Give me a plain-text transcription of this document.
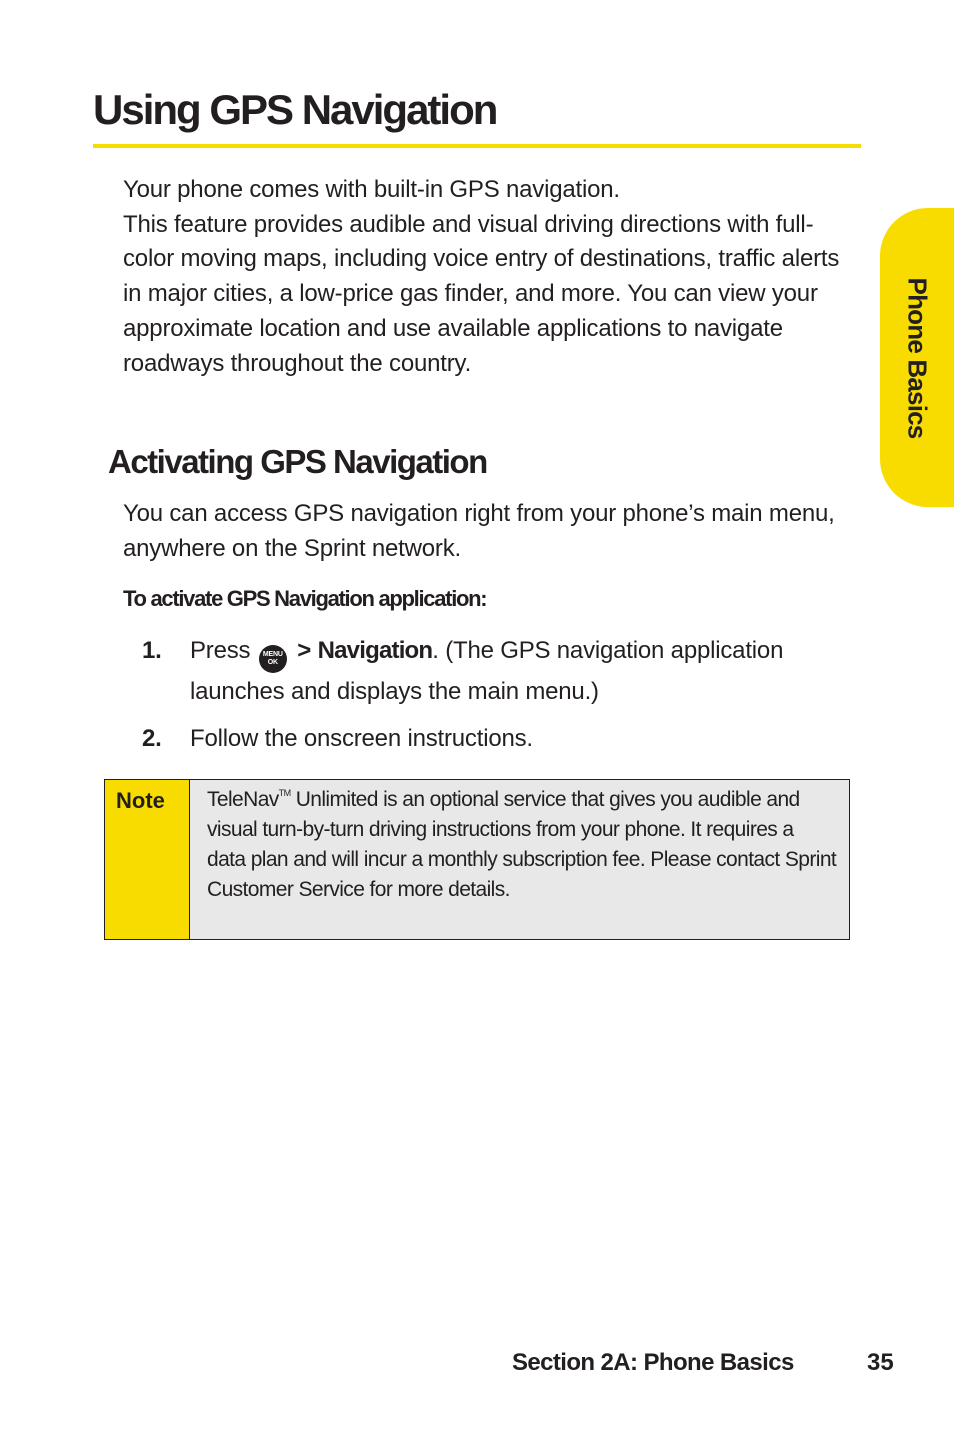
Using GPS Navigation
Your phone comes with built-in GPS navigation.
This feature provides audible and visual driving directions with full-color moving maps, including voice entry of destinations, traffic alerts in major cities, a low-price gas finder, and more. You can view your approximate location and use available applications to navigate roadways throughout the country.
Activating GPS Navigation

You can access GPS navigation right from your phone’s main menu, anywhere on the Sprint network.

To activate GPS Navigation application:
1. Press	MENU
OK > Navigation. (The GPS navigation application launches and displays the main menu.)
2. Follow the onscreen instructions.
Note	TeleNav™ Unlimited is an optional service that gives you audible and visual turn-by-turn driving instructions from your phone. It requires a data plan and will incur a monthly subscription fee. Please contact Sprint Customer Service for more details.
Phone Basics
Section 2A: Phone Basics	35
